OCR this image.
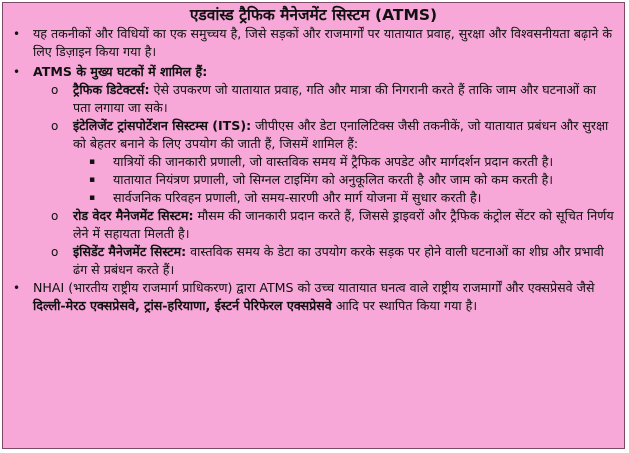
एडवांस्ड ट्रैफिक मैनेजमेंट सिस्टम (ATMS)
• यह तकनीकों और विधियों का एक समुच्चय है, जिसे सड़कों और राजमार्गों पर यातायात प्रवाह, सुरक्षा और विश्वसनीयता बढ़ाने के लिए डिज़ाइन किया गया है।
• ATMS के मुख्य घटकों में शामिल हैं:
o ट्रैफिक डिटेक्टर्स: ऐसे उपकरण जो यातायात प्रवाह, गति और मात्रा की निगरानी करते हैं ताकि जाम और घटनाओं का पता लगाया जा सके।
o इंटेलिजेंट ट्रांसपोर्टेशन सिस्टम्स (ITS): जीपीएस और डेटा एनालिटिक्स जैसी तकनीकें, जो यातायात प्रबंधन और सुरक्षा को बेहतर बनाने के लिए उपयोग की जाती हैं, जिसमें शामिल हैं:
▪ यात्रियों की जानकारी प्रणाली, जो वास्तविक समय में ट्रैफिक अपडेट और मार्गदर्शन प्रदान करती है।
▪ यातायात नियंत्रण प्रणाली, जो सिग्नल टाइमिंग को अनुकूलित करती है और जाम को कम करती है।
▪ सार्वजनिक परिवहन प्रणाली, जो समय-सारणी और मार्ग योजना में सुधार करती है।
o रोड वेदर मैनेजमेंट सिस्टम: मौसम की जानकारी प्रदान करते हैं, जिससे ड्राइवरों और ट्रैफिक कंट्रोल सेंटर को सूचित निर्णय लेने में सहायता मिलती है।
o इंसिडेंट मैनेजमेंट सिस्टम: वास्तविक समय के डेटा का उपयोग करके सड़क पर होने वाली घटनाओं का शीघ्र और प्रभावी ढंग से प्रबंधन करते हैं।
• NHAI (भारतीय राष्ट्रीय राजमार्ग प्राधिकरण) द्वारा ATMS को उच्च यातायात घनत्व वाले राष्ट्रीय राजमार्गों और एक्सप्रेसवे जैसे दिल्ली-मेरठ एक्सप्रेसवे, ट्रांस-हरियाणा, ईस्टर्न पेरिफेरल एक्सप्रेसवे आदि पर स्थापित किया गया है।
